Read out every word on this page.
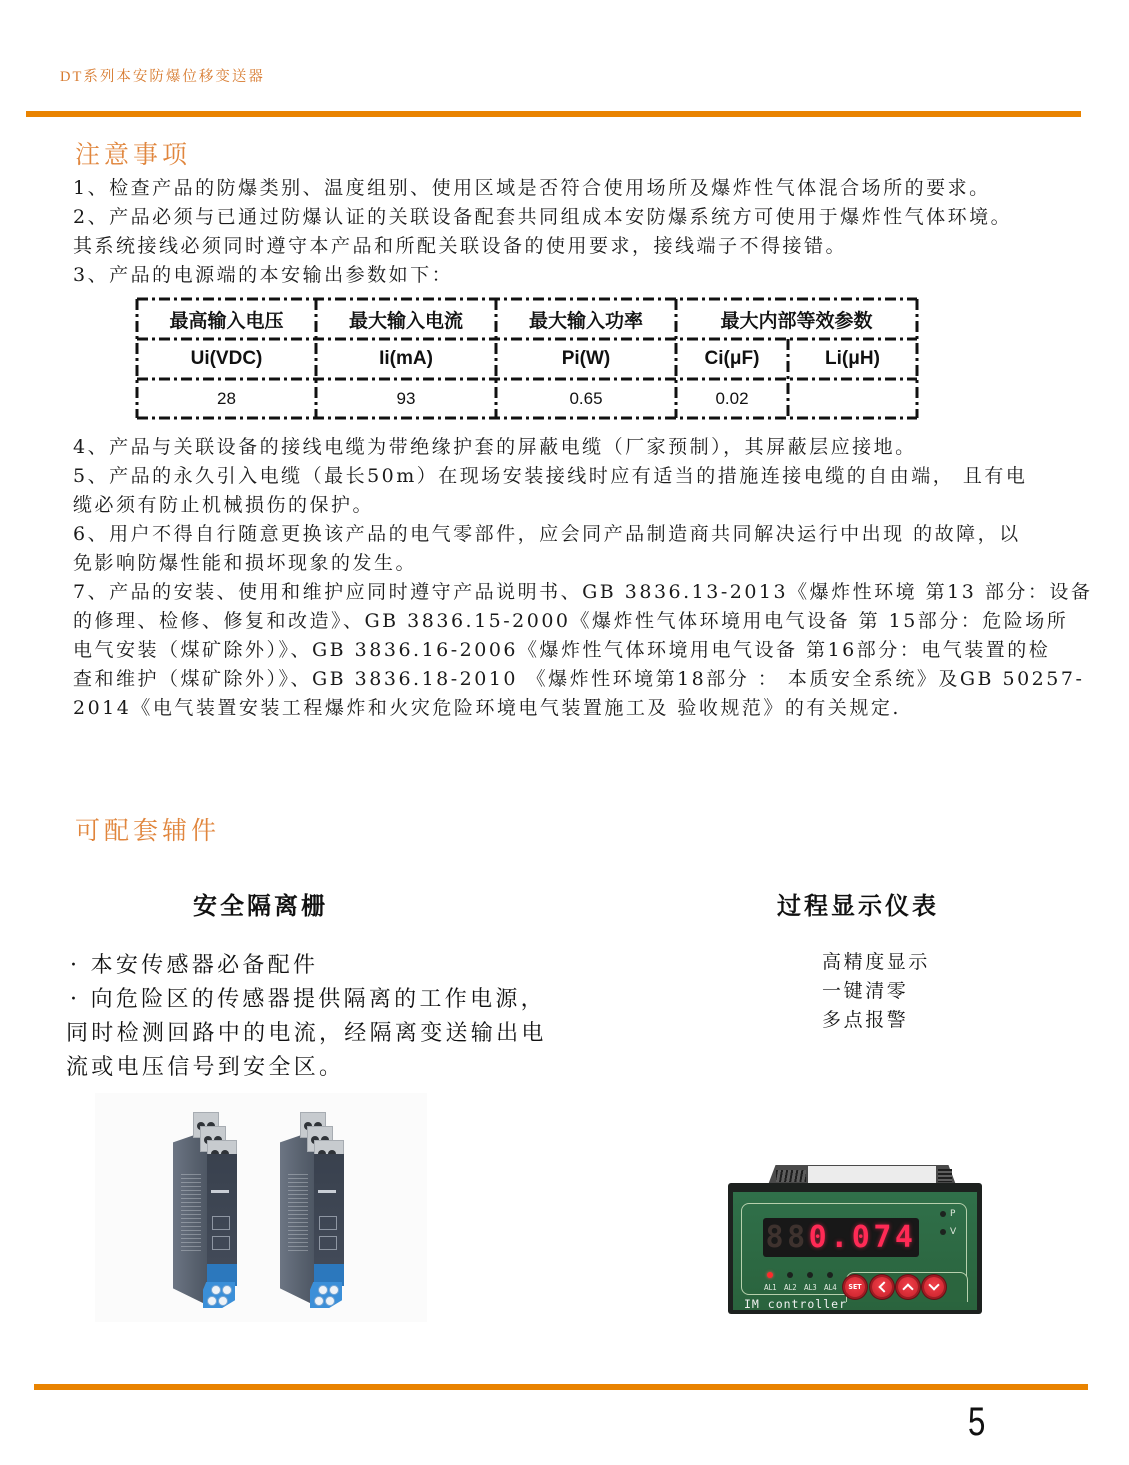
DT系列本安防爆位移变送器
注意事项
1、检查产品的防爆类别、温度组别、使用区域是否符合使用场所及爆炸性气体混合场所的要求。
2、产品必须与已通过防爆认证的关联设备配套共同组成本安防爆系统方可使用于爆炸性气体环境。
其系统接线必须同时遵守本产品和所配关联设备的使用要求，接线端子不得接错。
3、产品的电源端的本安输出参数如下：
最高输入电压	最大输入电流	最大输入功率	最大内部等效参数
Ui(VDC)	Ii(mA)	Pi(W)	Ci(μF)	Li(μH)
28	93	0.65	0.02
4、产品与关联设备的接线电缆为带绝缘护套的屏蔽电缆（厂家预制），其屏蔽层应接地。
5、产品的永久引入电缆（最长50m）在现场安装接线时应有适当的措施连接电缆的自由端， 且有电
缆必须有防止机械损伤的保护。
6、用户不得自行随意更换该产品的电气零部件，应会同产品制造商共同解决运行中出现 的故障，以
免影响防爆性能和损坏现象的发生。
7、产品的安装、使用和维护应同时遵守产品说明书、GB 3836.13-2013《爆炸性环境 第13 部分：设备
的修理、检修、修复和改造》、GB 3836.15-2000《爆炸性气体环境用电气设备 第 15部分：危险场所
电气安装（煤矿除外）》、GB 3836.16-2006《爆炸性气体环境用电气设备 第16部分：电气装置的检
查和维护（煤矿除外）》、GB 3836.18-2010 《爆炸性环境第18部分 ： 本质安全系统》及GB 50257-
2014《电气装置安装工程爆炸和火灾危险环境电气装置施工及 验收规范》的有关规定.
可配套辅件
安全隔离栅	过程显示仪表
· 本安传感器必备配件
· 向危险区的传感器提供隔离的工作电源，
同时检测回路中的电流，经隔离变送输出电
流或电压信号到安全区。
高精度显示
一键清零
多点报警
88 0.074
P
V
AL1 AL2 AL3 AL4 SET
IM controller
5
